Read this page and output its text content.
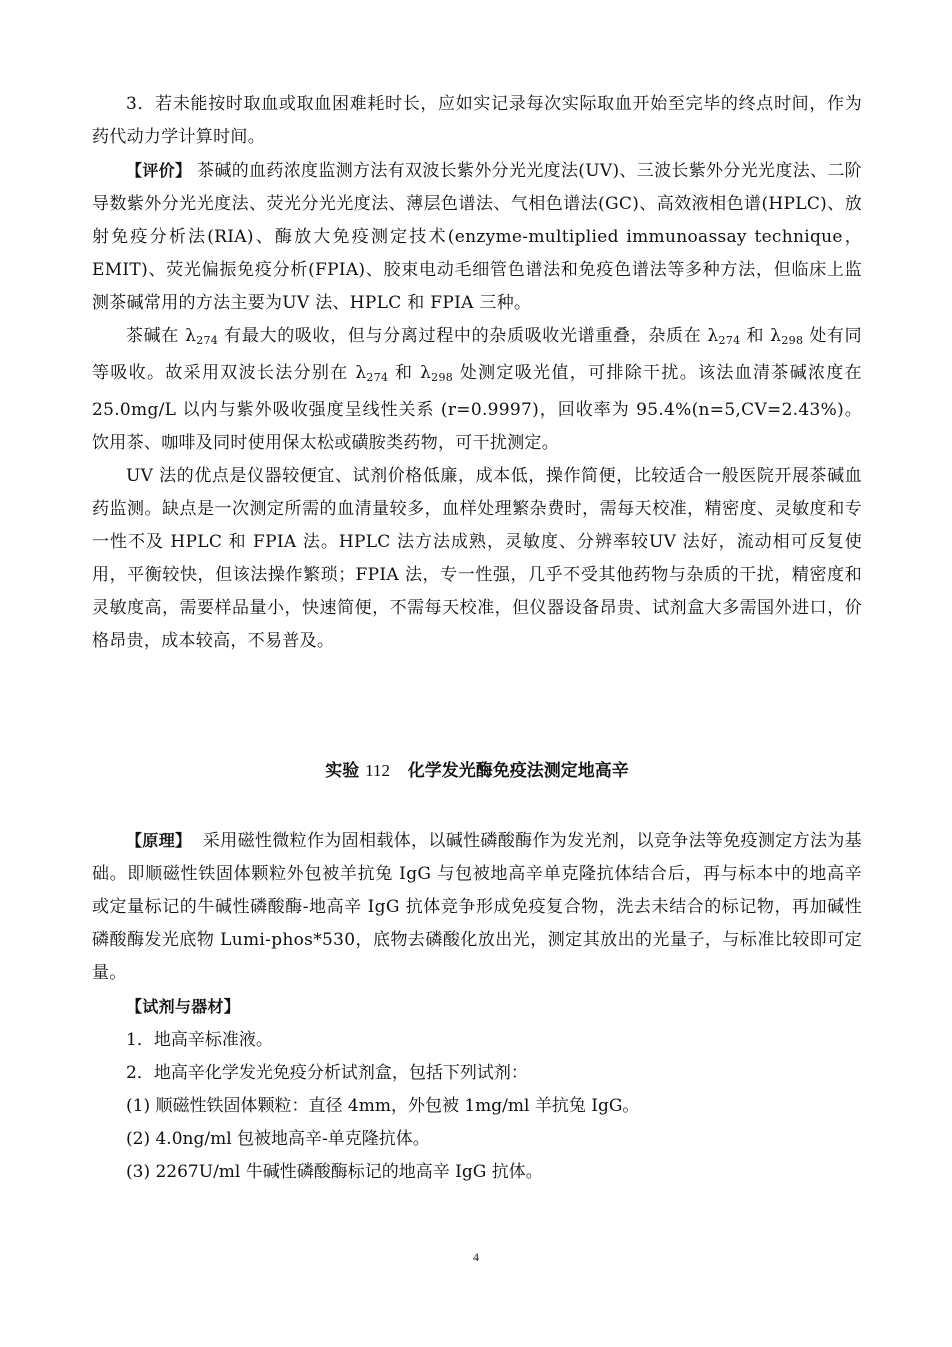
3．若未能按时取血或取血困难耗时长，应如实记录每次实际取血开始至完毕的终点时间，作为药代动力学计算时间。

【评价】 茶碱的血药浓度监测方法有双波长紫外分光光度法(UV)、三波长紫外分光光度法、二阶导数紫外分光光度法、荧光分光光度法、薄层色谱法、气相色谱法(GC)、高效液相色谱(HPLC)、放射免疫分析法(RIA)、酶放大免疫测定技术(enzyme-multiplied immunoassay technique，EMIT)、荧光偏振免疫分析(FPIA)、胶束电动毛细管色谱法和免疫色谱法等多种方法，但临床上监测茶碱常用的方法主要为UV 法、HPLC 和 FPIA 三种。

茶碱在 $\lambda_{274}$ 有最大的吸收，但与分离过程中的杂质吸收光谱重叠，杂质在 $\lambda_{274}$ 和 $\lambda_{298}$ 处有同等吸收。故采用双波长法分别在 $\lambda_{274}$ 和 $\lambda_{298}$ 处测定吸光值，可排除干扰。该法血清茶碱浓度在 25.0mg/L 以内与紫外吸收强度呈线性关系 (r=0.9997)，回收率为 95.4%(n=5,CV=2.43%)。饮用茶、咖啡及同时使用保太松或磺胺类药物，可干扰测定。

UV 法的优点是仪器较便宜、试剂价格低廉，成本低，操作简便，比较适合一般医院开展茶碱血药监测。缺点是一次测定所需的血清量较多，血样处理繁杂费时，需每天校准，精密度、灵敏度和专一性不及 HPLC 和 FPIA 法。HPLC 法方法成熟，灵敏度、分辨率较UV 法好，流动相可反复使用，平衡较快，但该法操作繁琐；FPIA 法，专一性强，几乎不受其他药物与杂质的干扰，精密度和灵敏度高，需要样品量小，快速简便，不需每天校准，但仪器设备昂贵、试剂盒大多需国外进口，价格昂贵，成本较高，不易普及。

实验 112 化学发光酶免疫法测定地高辛

【原理】 采用磁性微粒作为固相载体，以碱性磷酸酶作为发光剂，以竞争法等免疫测定方法为基础。即顺磁性铁固体颗粒外包被羊抗兔 IgG 与包被地高辛单克隆抗体结合后，再与标本中的地高辛或定量标记的牛碱性磷酸酶-地高辛 IgG 抗体竞争形成免疫复合物，洗去未结合的标记物，再加碱性磷酸酶发光底物 Lumi-phos*530，底物去磷酸化放出光，测定其放出的光量子，与标准比较即可定量。

【试剂与器材】

1．地高辛标准液。

2．地高辛化学发光免疫分析试剂盒，包括下列试剂：

(1) 顺磁性铁固体颗粒：直径 4mm，外包被 1mg/ml 羊抗兔 IgG。

(2) 4.0ng/ml 包被地高辛-单克隆抗体。

(3) 2267U/ml 牛碱性磷酸酶标记的地高辛 IgG 抗体。

4
